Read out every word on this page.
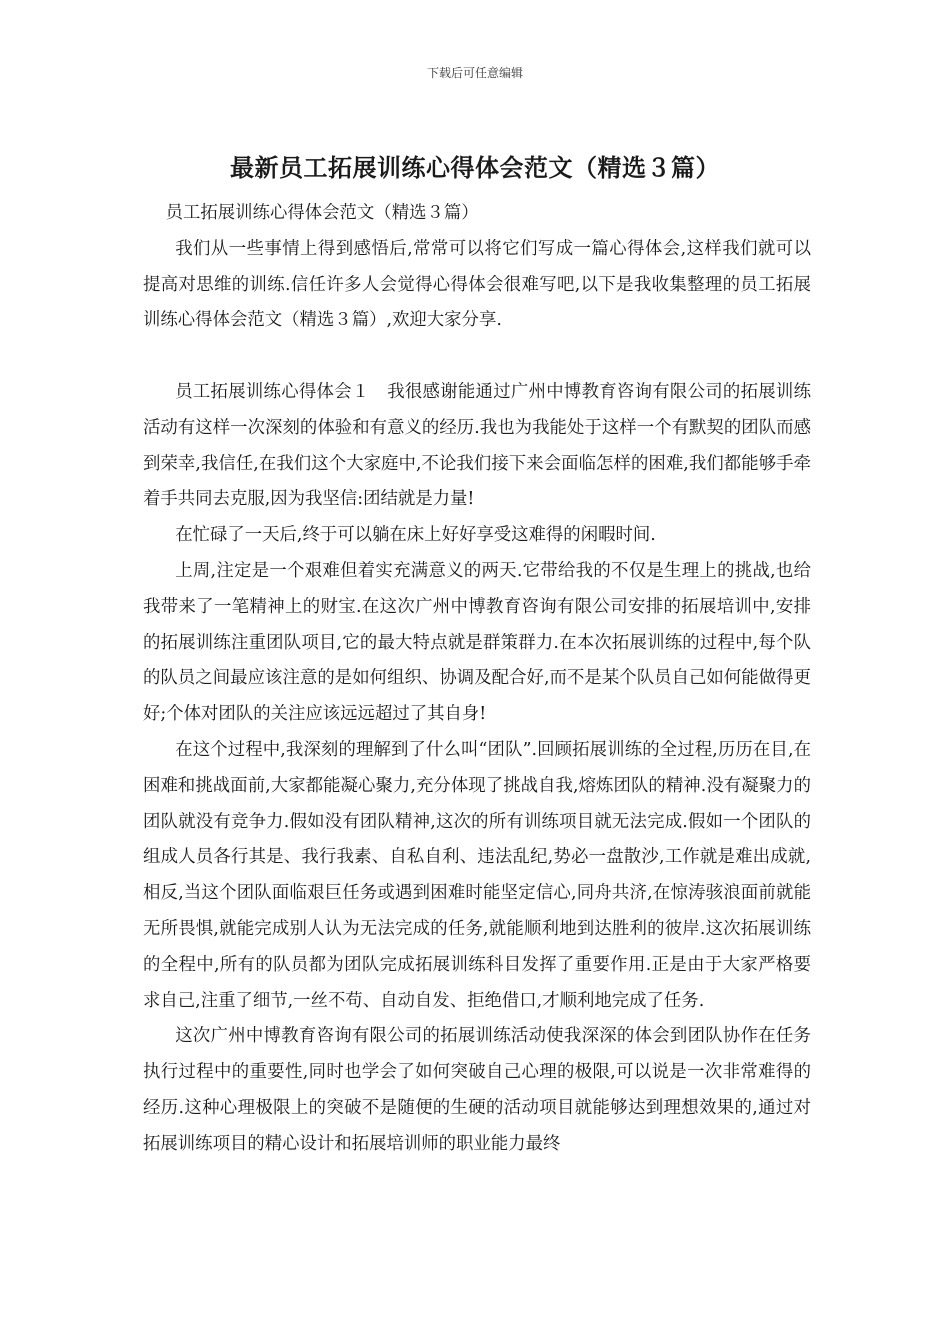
下载后可任意编辑
最新员工拓展训练心得体会范文（精选３篇）

员工拓展训练心得体会范文（精选３篇）

我们从一些事情上得到感悟后,常常可以将它们写成一篇心得体会,这样我们就可以提高对思维的训练.信任许多人会觉得心得体会很难写吧,以下是我收集整理的员工拓展训练心得体会范文（精选３篇）,欢迎大家分享.

员工拓展训练心得体会１　我很感谢能通过广州中博教育咨询有限公司的拓展训练活动有这样一次深刻的体验和有意义的经历.我也为我能处于这样一个有默契的团队而感到荣幸,我信任,在我们这个大家庭中,不论我们接下来会面临怎样的困难,我们都能够手牵着手共同去克服,因为我坚信:团结就是力量!

在忙碌了一天后,终于可以躺在床上好好享受这难得的闲暇时间.

上周,注定是一个艰难但着实充满意义的两天.它带给我的不仅是生理上的挑战,也给我带来了一笔精神上的财宝.在这次广州中博教育咨询有限公司安排的拓展培训中,安排的拓展训练注重团队项目,它的最大特点就是群策群力.在本次拓展训练的过程中,每个队的队员之间最应该注意的是如何组织、协调及配合好,而不是某个队员自己如何能做得更好;个体对团队的关注应该远远超过了其自身!

在这个过程中,我深刻的理解到了什么叫“团队”.回顾拓展训练的全过程,历历在目,在困难和挑战面前,大家都能凝心聚力,充分体现了挑战自我,熔炼团队的精神.没有凝聚力的团队就没有竞争力.假如没有团队精神,这次的所有训练项目就无法完成.假如一个团队的组成人员各行其是、我行我素、自私自利、违法乱纪,势必一盘散沙,工作就是难出成就,相反,当这个团队面临艰巨任务或遇到困难时能坚定信心,同舟共济,在惊涛骇浪面前就能无所畏惧,就能完成别人认为无法完成的任务,就能顺利地到达胜利的彼岸.这次拓展训练的全程中,所有的队员都为团队完成拓展训练科目发挥了重要作用.正是由于大家严格要求自己,注重了细节,一丝不苟、自动自发、拒绝借口,才顺利地完成了任务.

这次广州中博教育咨询有限公司的拓展训练活动使我深深的体会到团队协作在任务执行过程中的重要性,同时也学会了如何突破自己心理的极限,可以说是一次非常难得的经历.这种心理极限上的突破不是随便的生硬的活动项目就能够达到理想效果的,通过对拓展训练项目的精心设计和拓展培训师的职业能力最终
